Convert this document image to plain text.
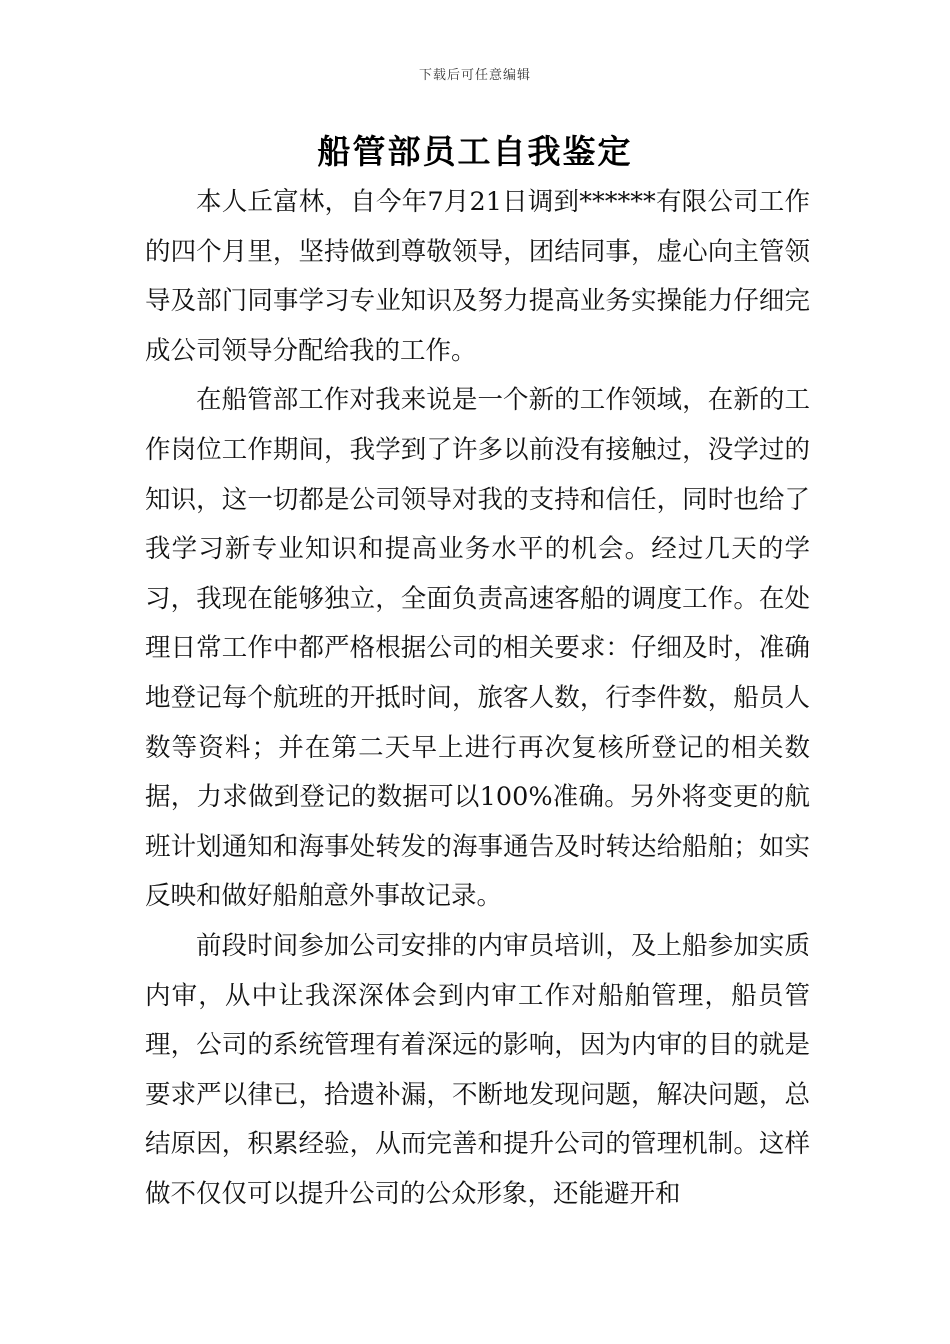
下载后可任意编辑
船管部员工自我鉴定

本人丘富林，自今年7月21日调到******有限公司工作的四个月里，坚持做到尊敬领导，团结同事，虚心向主管领导及部门同事学习专业知识及努力提高业务实操能力仔细完成公司领导分配给我的工作。

在船管部工作对我来说是一个新的工作领域，在新的工作岗位工作期间，我学到了许多以前没有接触过，没学过的知识，这一切都是公司领导对我的支持和信任，同时也给了我学习新专业知识和提高业务水平的机会。经过几天的学习，我现在能够独立，全面负责高速客船的调度工作。在处理日常工作中都严格根据公司的相关要求：仔细及时，准确地登记每个航班的开抵时间，旅客人数，行李件数，船员人数等资料；并在第二天早上进行再次复核所登记的相关数据，力求做到登记的数据可以100%准确。另外将变更的航班计划通知和海事处转发的海事通告及时转达给船舶；如实反映和做好船舶意外事故记录。

前段时间参加公司安排的内审员培训，及上船参加实质内审，从中让我深深体会到内审工作对船舶管理，船员管理，公司的系统管理有着深远的影响，因为内审的目的就是要求严以律已，拾遗补漏，不断地发现问题，解决问题，总结原因，积累经验，从而完善和提升公司的管理机制。这样做不仅仅可以提升公司的公众形象，还能避开和
